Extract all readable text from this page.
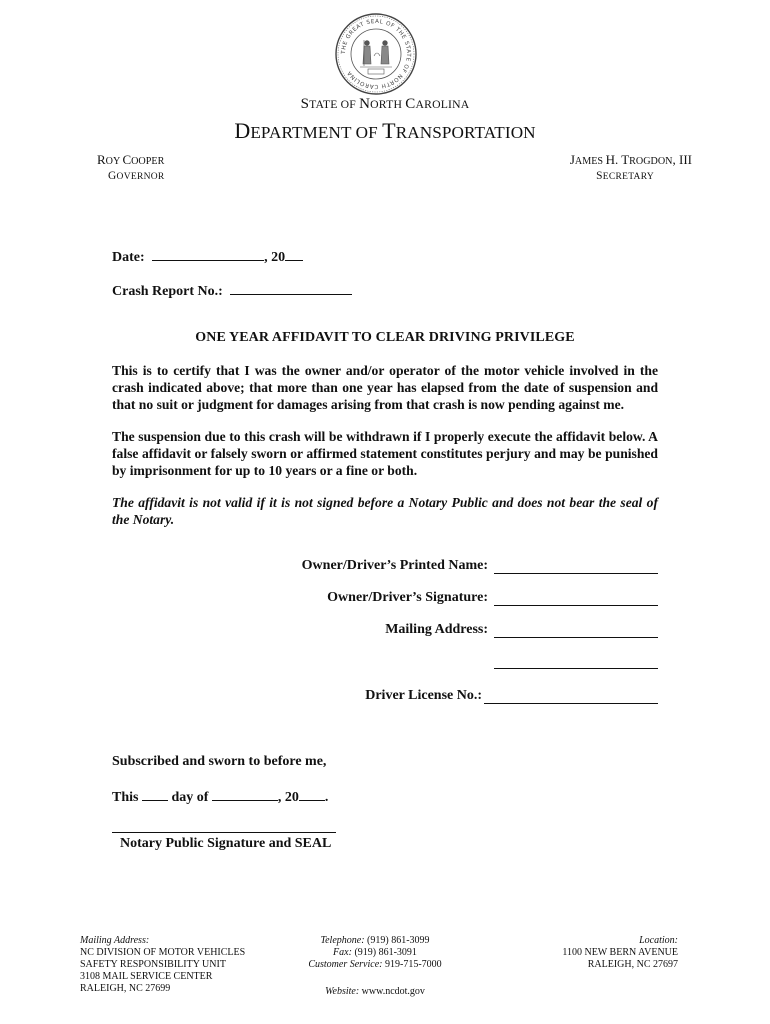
THE GREAT SEAL OF THE STATE OF NORTH CAROLINA
STATE OF NORTH CAROLINA
DEPARTMENT OF TRANSPORTATION
ROY COOPER
GOVERNOR
JAMES H. TROGDON, III
SECRETARY
Date:	, 20
Crash Report No.:
ONE YEAR AFFIDAVIT TO CLEAR DRIVING PRIVILEGE
This is to certify that I was the owner and/or operator of the motor vehicle involved in the crash indicated above; that more than one year has elapsed from the date of suspension and that no suit or judgment for damages arising from that crash is now pending against me.
The suspension due to this crash will be withdrawn if I properly execute the affidavit below. A false affidavit or falsely sworn or affirmed statement constitutes perjury and may be punished by imprisonment for up to 10 years or a fine or both.
The affidavit is not valid if it is not signed before a Notary Public and does not bear the seal of the Notary.
Owner/Driver’s Printed Name:
Owner/Driver’s Signature:
Mailing Address:
Driver License No.:
Subscribed and sworn to before me,
This day of	, 20 .
Notary Public Signature and SEAL
Mailing Address:
NC DIVISION OF MOTOR VEHICLES
SAFETY RESPONSIBILITY UNIT
3108 MAIL SERVICE CENTER
RALEIGH, NC 27699
Telephone: (919) 861-3099
Fax: (919) 861-3091
Customer Service: 919-715-7000
Website: www.ncdot.gov
Location:
1100 NEW BERN AVENUE
RALEIGH, NC 27697
